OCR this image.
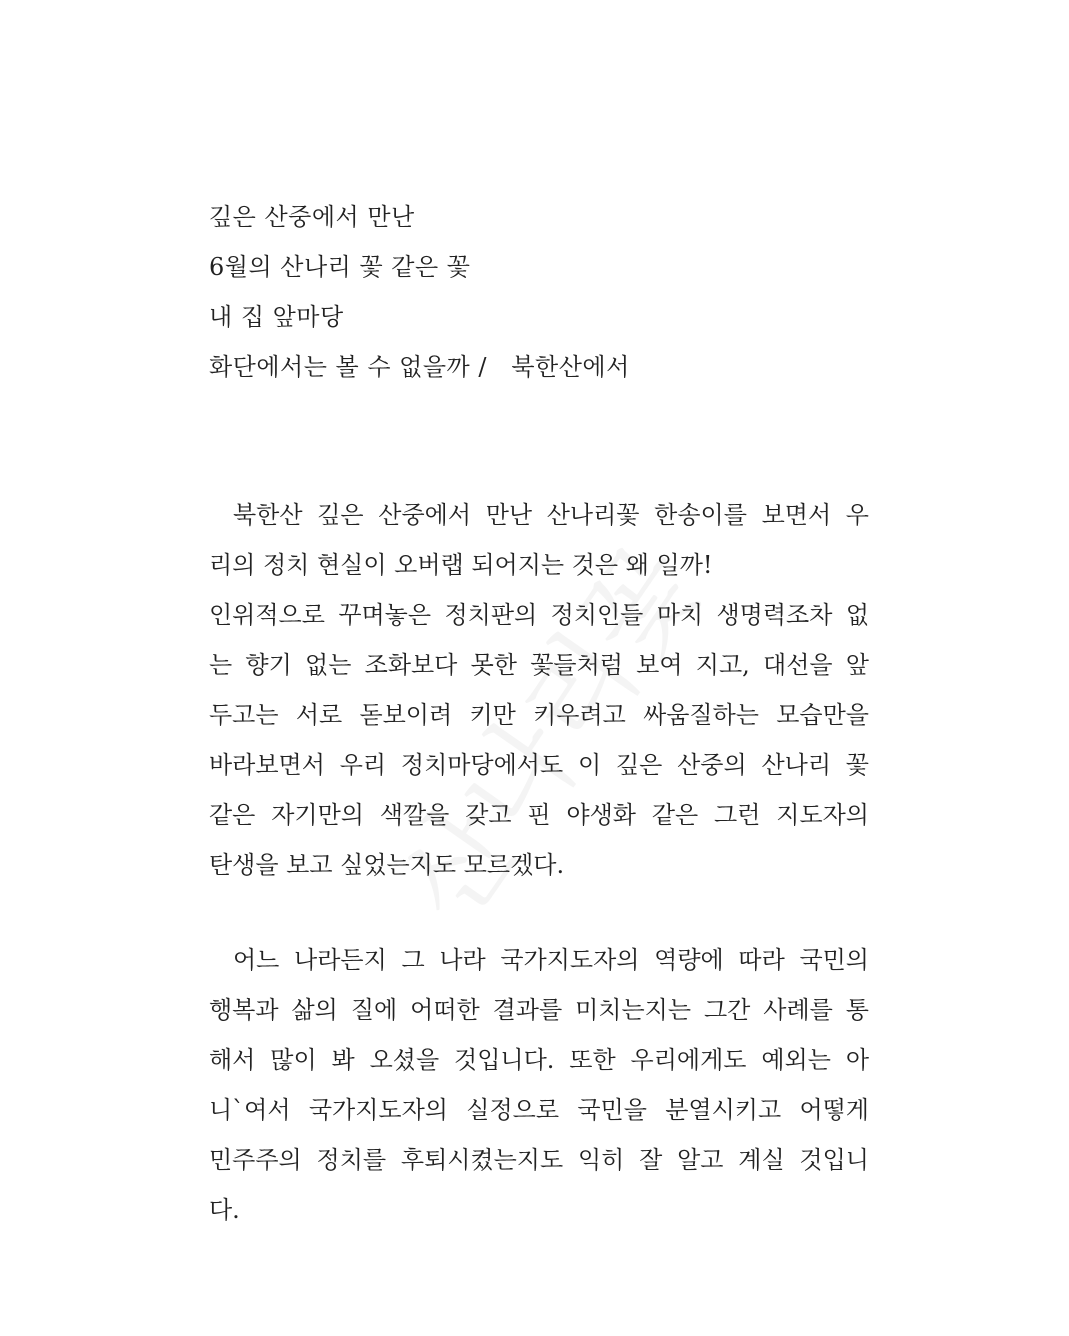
깊은 산중에서 만난
6월의 산나리 꽃 같은 꽃
내 집 앞마당
화단에서는 볼 수 없을까 /   북한산에서
북한산 깊은 산중에서 만난 산나리꽃 한송이를 보면서 우
리의 정치 현실이 오버랩 되어지는 것은 왜 일까!
인위적으로 꾸며놓은 정치판의 정치인들 마치 생명력조차 없
는 향기 없는 조화보다 못한 꽃들처럼 보여 지고, 대선을 앞
두고는 서로 돋보이려 키만 키우려고 싸움질하는 모습만을
바라보면서 우리 정치마당에서도 이 깊은 산중의 산나리 꽃
같은 자기만의 색깔을 갖고 핀 야생화 같은 그런 지도자의
탄생을 보고 싶었는지도 모르겠다.
어느 나라든지 그 나라 국가지도자의 역량에 따라 국민의
행복과 삶의 질에 어떠한 결과를 미치는지는 그간 사례를 통
해서 많이 봐 오셨을 것입니다. 또한 우리에게도 예외는 아
니`여서 국가지도자의 실정으로 국민을 분열시키고 어떻게
민주주의 정치를 후퇴시켰는지도 익히 잘 알고 계실 것입니
다.
